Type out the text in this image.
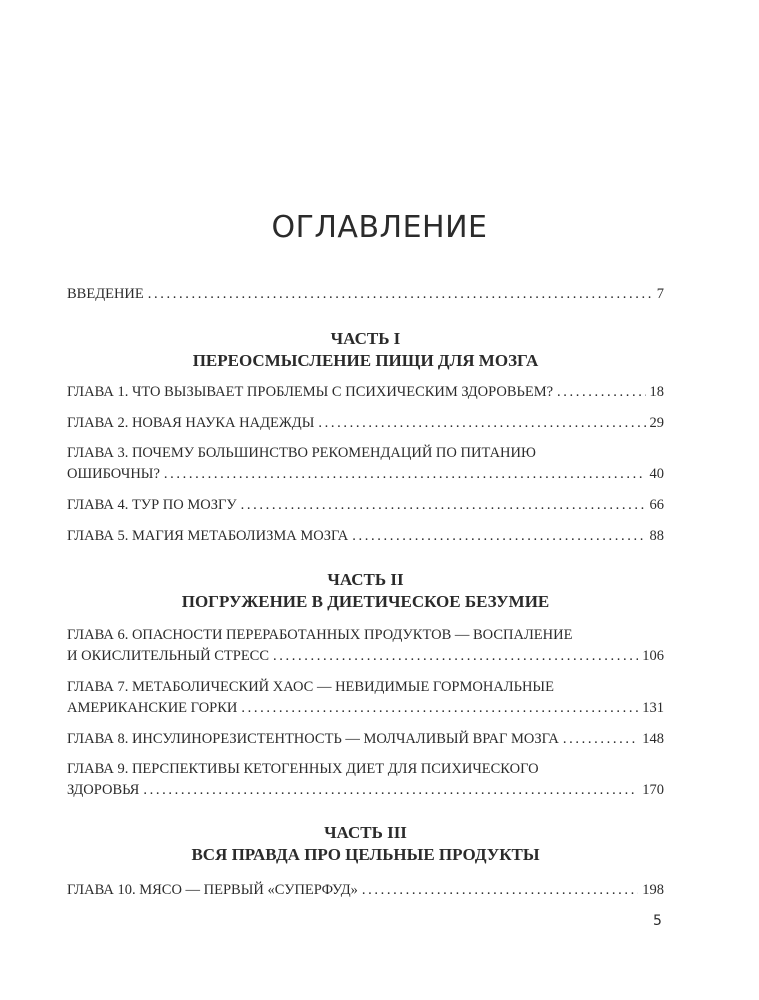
ОГЛАВЛЕНИЕ
ВВЕДЕНИЕ . . .	7
ЧАСТЬ I
ПЕРЕОСМЫСЛЕНИЕ ПИЩИ ДЛЯ МОЗГА
ГЛАВА 1. ЧТО ВЫЗЫВАЕТ ПРОБЛЕМЫ С ПСИХИЧЕСКИМ ЗДОРОВЬЕМ? . . .	18
ГЛАВА 2. НОВАЯ НАУКА НАДЕЖДЫ . . .	29
ГЛАВА 3. ПОЧЕМУ БОЛЬШИНСТВО РЕКОМЕНДАЦИЙ ПО ПИТАНИЮ
ОШИБОЧНЫ? . . .	40
ГЛАВА 4. ТУР ПО МОЗГУ . . .	66
ГЛАВА 5. МАГИЯ МЕТАБОЛИЗМА МОЗГА . . .	88
ЧАСТЬ II
ПОГРУЖЕНИЕ В ДИЕТИЧЕСКОЕ БЕЗУМИЕ
ГЛАВА 6. ОПАСНОСТИ ПЕРЕРАБОТАННЫХ ПРОДУКТОВ — ВОСПАЛЕНИЕ
И ОКИСЛИТЕЛЬНЫЙ СТРЕСС . . .	106
ГЛАВА 7. МЕТАБОЛИЧЕСКИЙ ХАОС — НЕВИДИМЫЕ ГОРМОНАЛЬНЫЕ
АМЕРИКАНСКИЕ ГОРКИ . . .	131
ГЛАВА 8. ИНСУЛИНОРЕЗИСТЕНТНОСТЬ — МОЛЧАЛИВЫЙ ВРАГ МОЗГА . . .	148
ГЛАВА 9. ПЕРСПЕКТИВЫ КЕТОГЕННЫХ ДИЕТ ДЛЯ ПСИХИЧЕСКОГО
ЗДОРОВЬЯ . . .	170
ЧАСТЬ III
ВСЯ ПРАВДА ПРО ЦЕЛЬНЫЕ ПРОДУКТЫ
ГЛАВА 10. МЯСО — ПЕРВЫЙ «СУПЕРФУД» . . .	198
5
